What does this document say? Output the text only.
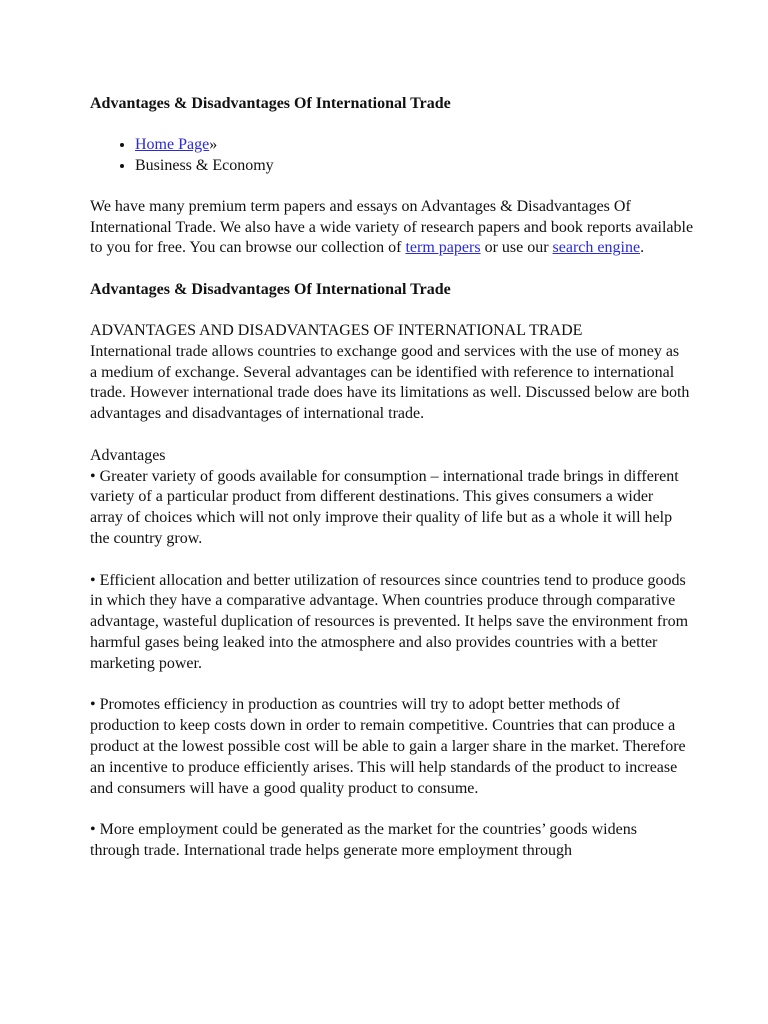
Advantages & Disadvantages Of International Trade
• Home Page»
• Business & Economy

We have many premium term papers and essays on Advantages & Disadvantages Of International Trade. We also have a wide variety of research papers and book reports available to you for free. You can browse our collection of term papers or use our search engine.

Advantages & Disadvantages Of International Trade

ADVANTAGES AND DISADVANTAGES OF INTERNATIONAL TRADE

International trade allows countries to exchange good and services with the use of money as a medium of exchange. Several advantages can be identified with reference to international trade. However international trade does have its limitations as well. Discussed below are both advantages and disadvantages of international trade.

Advantages

• Greater variety of goods available for consumption – international trade brings in different variety of a particular product from different destinations. This gives consumers a wider array of choices which will not only improve their quality of life but as a whole it will help the country grow.

• Efficient allocation and better utilization of resources since countries tend to produce goods in which they have a comparative advantage. When countries produce through comparative advantage, wasteful duplication of resources is prevented. It helps save the environment from harmful gases being leaked into the atmosphere and also provides countries with a better marketing power.

• Promotes efficiency in production as countries will try to adopt better methods of production to keep costs down in order to remain competitive. Countries that can produce a product at the lowest possible cost will be able to gain a larger share in the market. Therefore an incentive to produce efficiently arises. This will help standards of the product to increase and consumers will have a good quality product to consume.

• More employment could be generated as the market for the countries’ goods widens through trade. International trade helps generate more employment through
